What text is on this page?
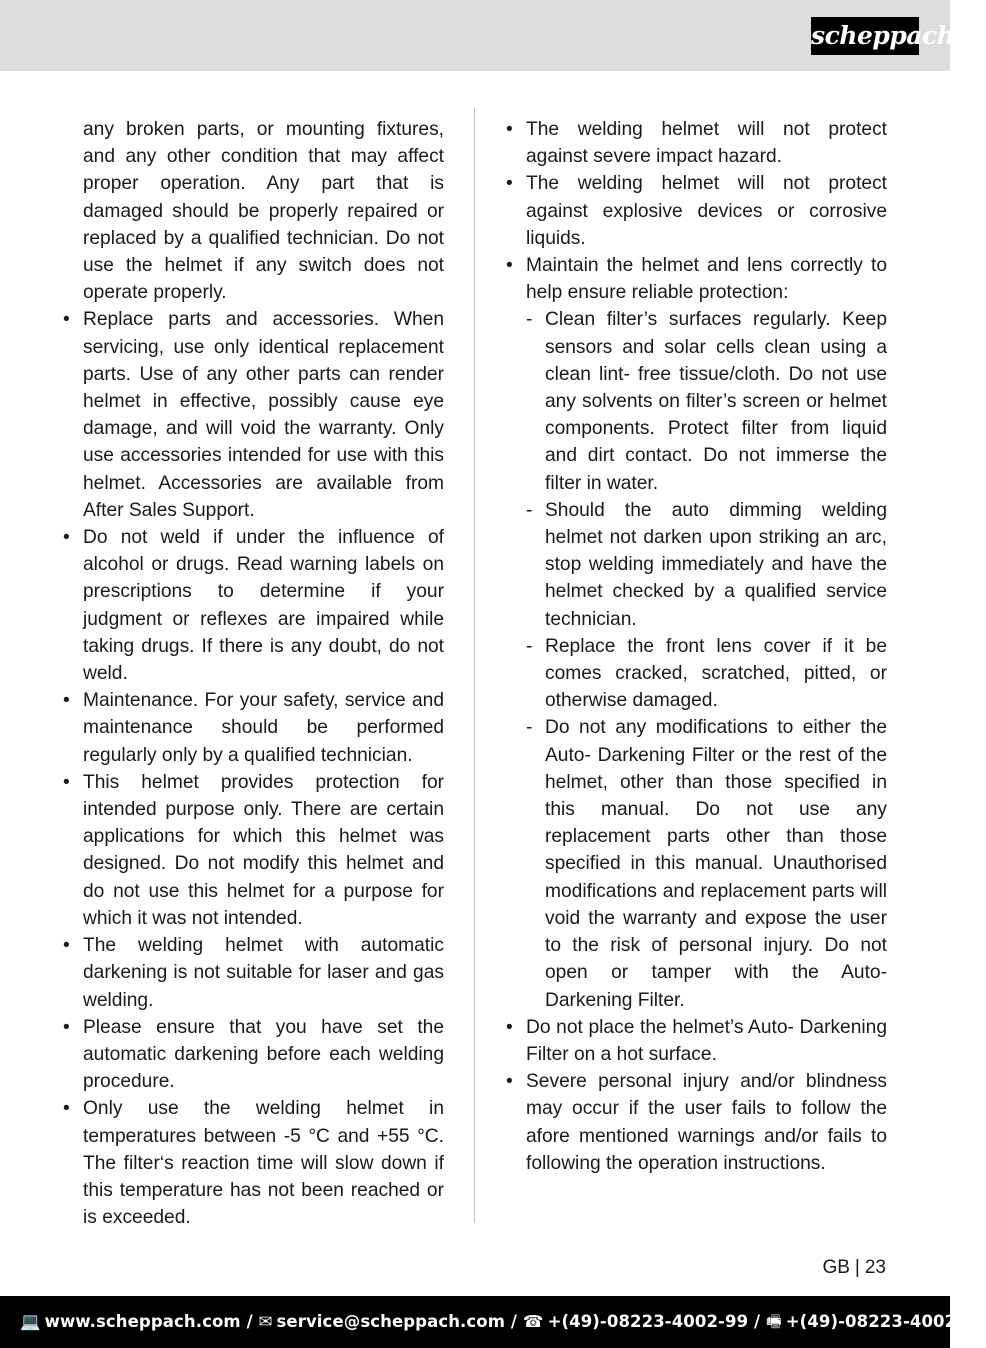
scheppach
any broken parts, or mounting fixtures, and any other condition that may affect proper operation. Any part that is damaged should be properly repaired or replaced by a qualified technician. Do not use the helmet if any switch does not operate properly.
• Replace parts and accessories. When servicing, use only identical replacement parts. Use of any other parts can render helmet in effective, possibly cause eye damage, and will void the warranty. Only use accessories intended for use with this helmet. Accessories are available from After Sales Support.
• Do not weld if under the influence of alcohol or drugs. Read warning labels on prescriptions to determine if your judgment or reflexes are impaired while taking drugs. If there is any doubt, do not weld.
• Maintenance. For your safety, service and maintenance should be performed regularly only by a qualified technician.
• This helmet provides protection for intended purpose only. There are certain applications for which this helmet was designed. Do not modify this helmet and do not use this helmet for a purpose for which it was not intended.
• The welding helmet with automatic darkening is not suitable for laser and gas welding.
• Please ensure that you have set the automatic darkening before each welding procedure.
• Only use the welding helmet in temperatures between -5 °C and +55 °C. The filter‘s reaction time will slow down if this temperature has not been reached or is exceeded.
• The welding helmet will not protect against severe impact hazard.
• The welding helmet will not protect against explosive devices or corrosive liquids.
• Maintain the helmet and lens correctly to help ensure reliable protection:
- Clean filter’s surfaces regularly. Keep sensors and solar cells clean using a clean lint- free tissue/cloth. Do not use any solvents on filter’s screen or helmet components. Protect filter from liquid and dirt contact. Do not immerse the filter in water.
- Should the auto dimming welding helmet not darken upon striking an arc, stop welding immediately and have the helmet checked by a qualified service technician.
- Replace the front lens cover if it be comes cracked, scratched, pitted, or otherwise damaged.
- Do not any modifications to either the Auto- Darkening Filter or the rest of the helmet, other than those specified in this manual. Do not use any replacement parts other than those specified in this manual. Unauthorised modifications and replacement parts will void the warranty and expose the user to the risk of personal injury. Do not open or tamper with the Auto- Darkening Filter.
• Do not place the helmet’s Auto- Darkening Filter on a hot surface.
• Severe personal injury and/or blindness may occur if the user fails to follow the afore mentioned warnings and/or fails to following the operation instructions.
GB | 23
💻 www.scheppach.com / ✉ service@scheppach.com / ☎ +(49)-08223-4002-99 / 🖷 +(49)-08223-4002-58
